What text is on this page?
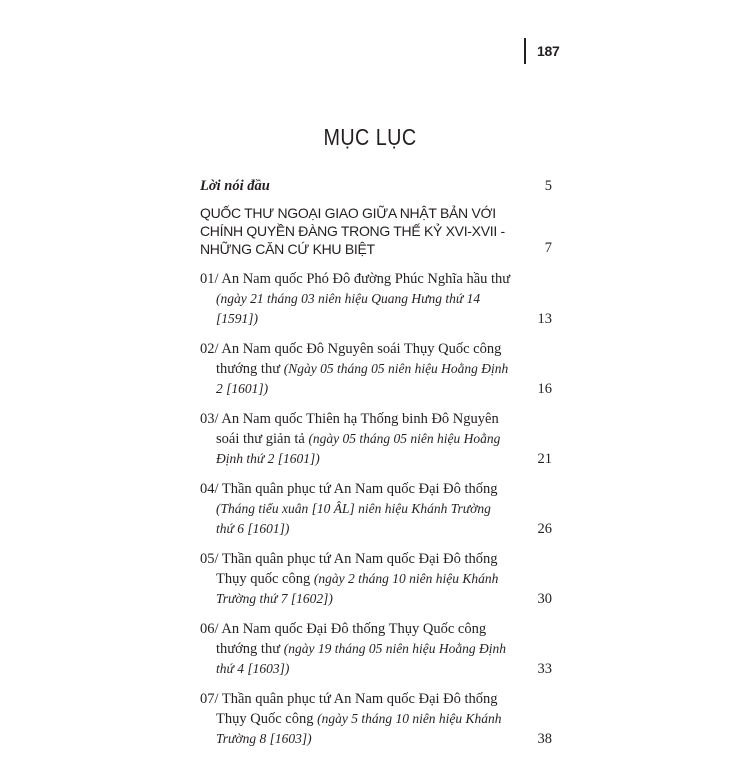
187
MỤC LỤC
Lời nói đầu	5
QUỐC THƯ NGOẠI GIAO GIỮA NHẬT BẢN VỚI CHÍNH QUYỀN ĐÀNG TRONG THẾ KỶ XVI-XVII - NHỮNG CĂN CỨ KHU BIỆT	7
01/ An Nam quốc Phó Đô đường Phúc Nghĩa hầu thư (ngày 21 tháng 03 niên hiệu Quang Hưng thứ 14 [1591])	13
02/ An Nam quốc Đô Nguyên soái Thụy Quốc công thướng thư (Ngày 05 tháng 05 niên hiệu Hoằng Định 2 [1601])	16
03/ An Nam quốc Thiên hạ Thống binh Đô Nguyên soái thư giản tả (ngày 05 tháng 05 niên hiệu Hoằng Định thứ 2 [1601])	21
04/ Thần quân phục tứ An Nam quốc Đại Đô thống (Tháng tiểu xuân [10 ÂL] niên hiệu Khánh Trường thứ 6 [1601])	26
05/ Thần quân phục tứ An Nam quốc Đại Đô thống Thụy quốc công (ngày 2 tháng 10 niên hiệu Khánh Trường thứ 7 [1602])	30
06/ An Nam quốc Đại Đô thống Thụy Quốc công thướng thư (ngày 19 tháng 05 niên hiệu Hoằng Định thứ 4 [1603])	33
07/ Thần quân phục tứ An Nam quốc Đại Đô thống Thụy Quốc công (ngày 5 tháng 10 niên hiệu Khánh Trường 8 [1603])	38
